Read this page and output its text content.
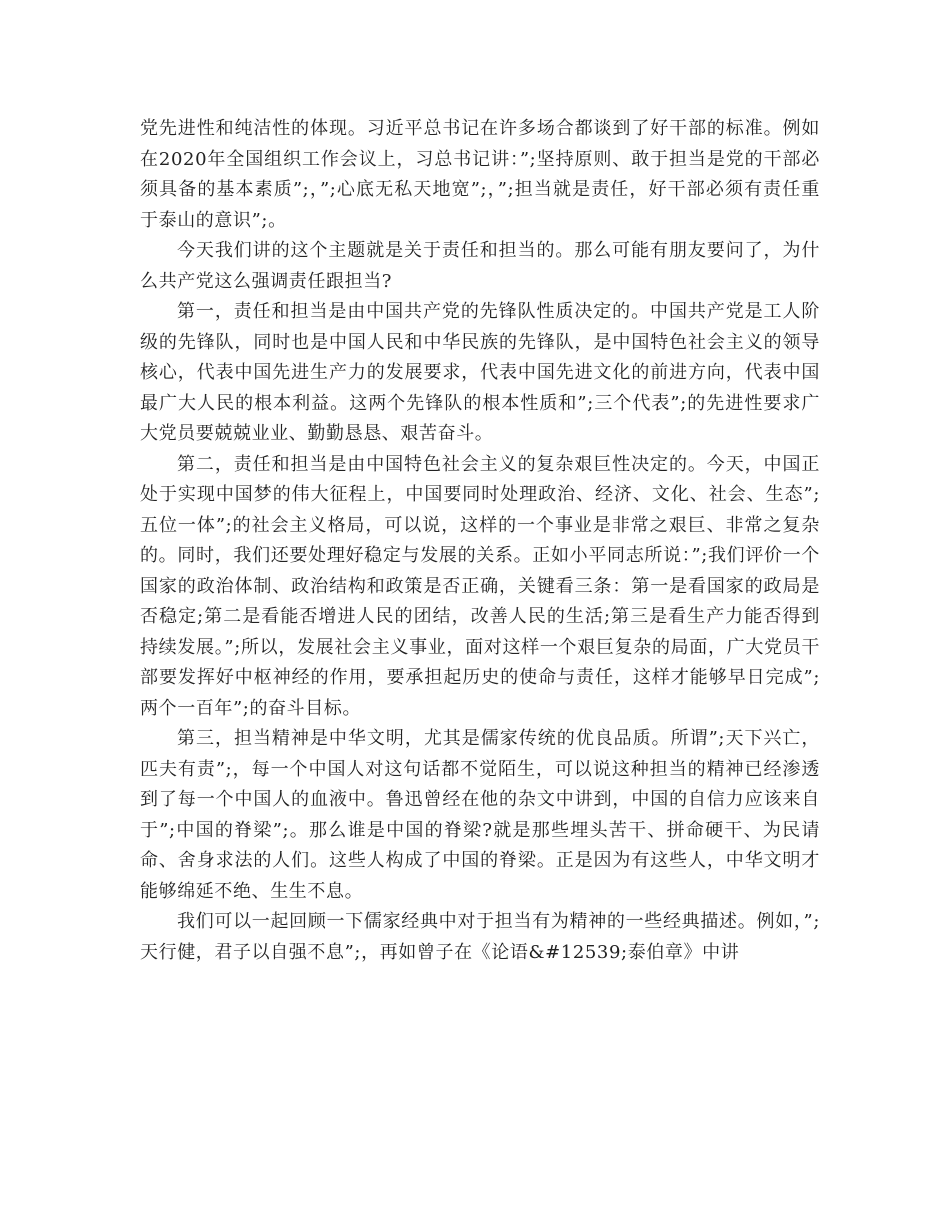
党先进性和纯洁性的体现。习近平总书记在许多场合都谈到了好干部的标准。例如在2020年全国组织工作会议上，习总书记讲：”;坚持原则、敢于担当是党的干部必须具备的基本素质”;，”;心底无私天地宽”;，”;担当就是责任，好干部必须有责任重于泰山的意识”;。

今天我们讲的这个主题就是关于责任和担当的。那么可能有朋友要问了，为什么共产党这么强调责任跟担当?

第一，责任和担当是由中国共产党的先锋队性质决定的。中国共产党是工人阶级的先锋队，同时也是中国人民和中华民族的先锋队，是中国特色社会主义的领导核心，代表中国先进生产力的发展要求，代表中国先进文化的前进方向，代表中国最广大人民的根本利益。这两个先锋队的根本性质和”;三个代表”;的先进性要求广大党员要兢兢业业、勤勤恳恳、艰苦奋斗。

第二，责任和担当是由中国特色社会主义的复杂艰巨性决定的。今天，中国正处于实现中国梦的伟大征程上，中国要同时处理政治、经济、文化、社会、生态”;五位一体”;的社会主义格局，可以说，这样的一个事业是非常之艰巨、非常之复杂的。同时，我们还要处理好稳定与发展的关系。正如小平同志所说：”;我们评价一个国家的政治体制、政治结构和政策是否正确，关键看三条：第一是看国家的政局是否稳定;第二是看能否增进人民的团结，改善人民的生活;第三是看生产力能否得到持续发展。”;所以，发展社会主义事业，面对这样一个艰巨复杂的局面，广大党员干部要发挥好中枢神经的作用，要承担起历史的使命与责任，这样才能够早日完成”;两个一百年”;的奋斗目标。

第三，担当精神是中华文明，尤其是儒家传统的优良品质。所谓”;天下兴亡，匹夫有责”;，每一个中国人对这句话都不觉陌生，可以说这种担当的精神已经渗透到了每一个中国人的血液中。鲁迅曾经在他的杂文中讲到，中国的自信力应该来自于”;中国的脊梁”;。那么谁是中国的脊梁?就是那些埋头苦干、拼命硬干、为民请命、舍身求法的人们。这些人构成了中国的脊梁。正是因为有这些人，中华文明才能够绵延不绝、生生不息。

我们可以一起回顾一下儒家经典中对于担当有为精神的一些经典描述。例如，”;天行健，君子以自强不息”;，再如曾子在《论语&#12539;泰伯章》中讲
